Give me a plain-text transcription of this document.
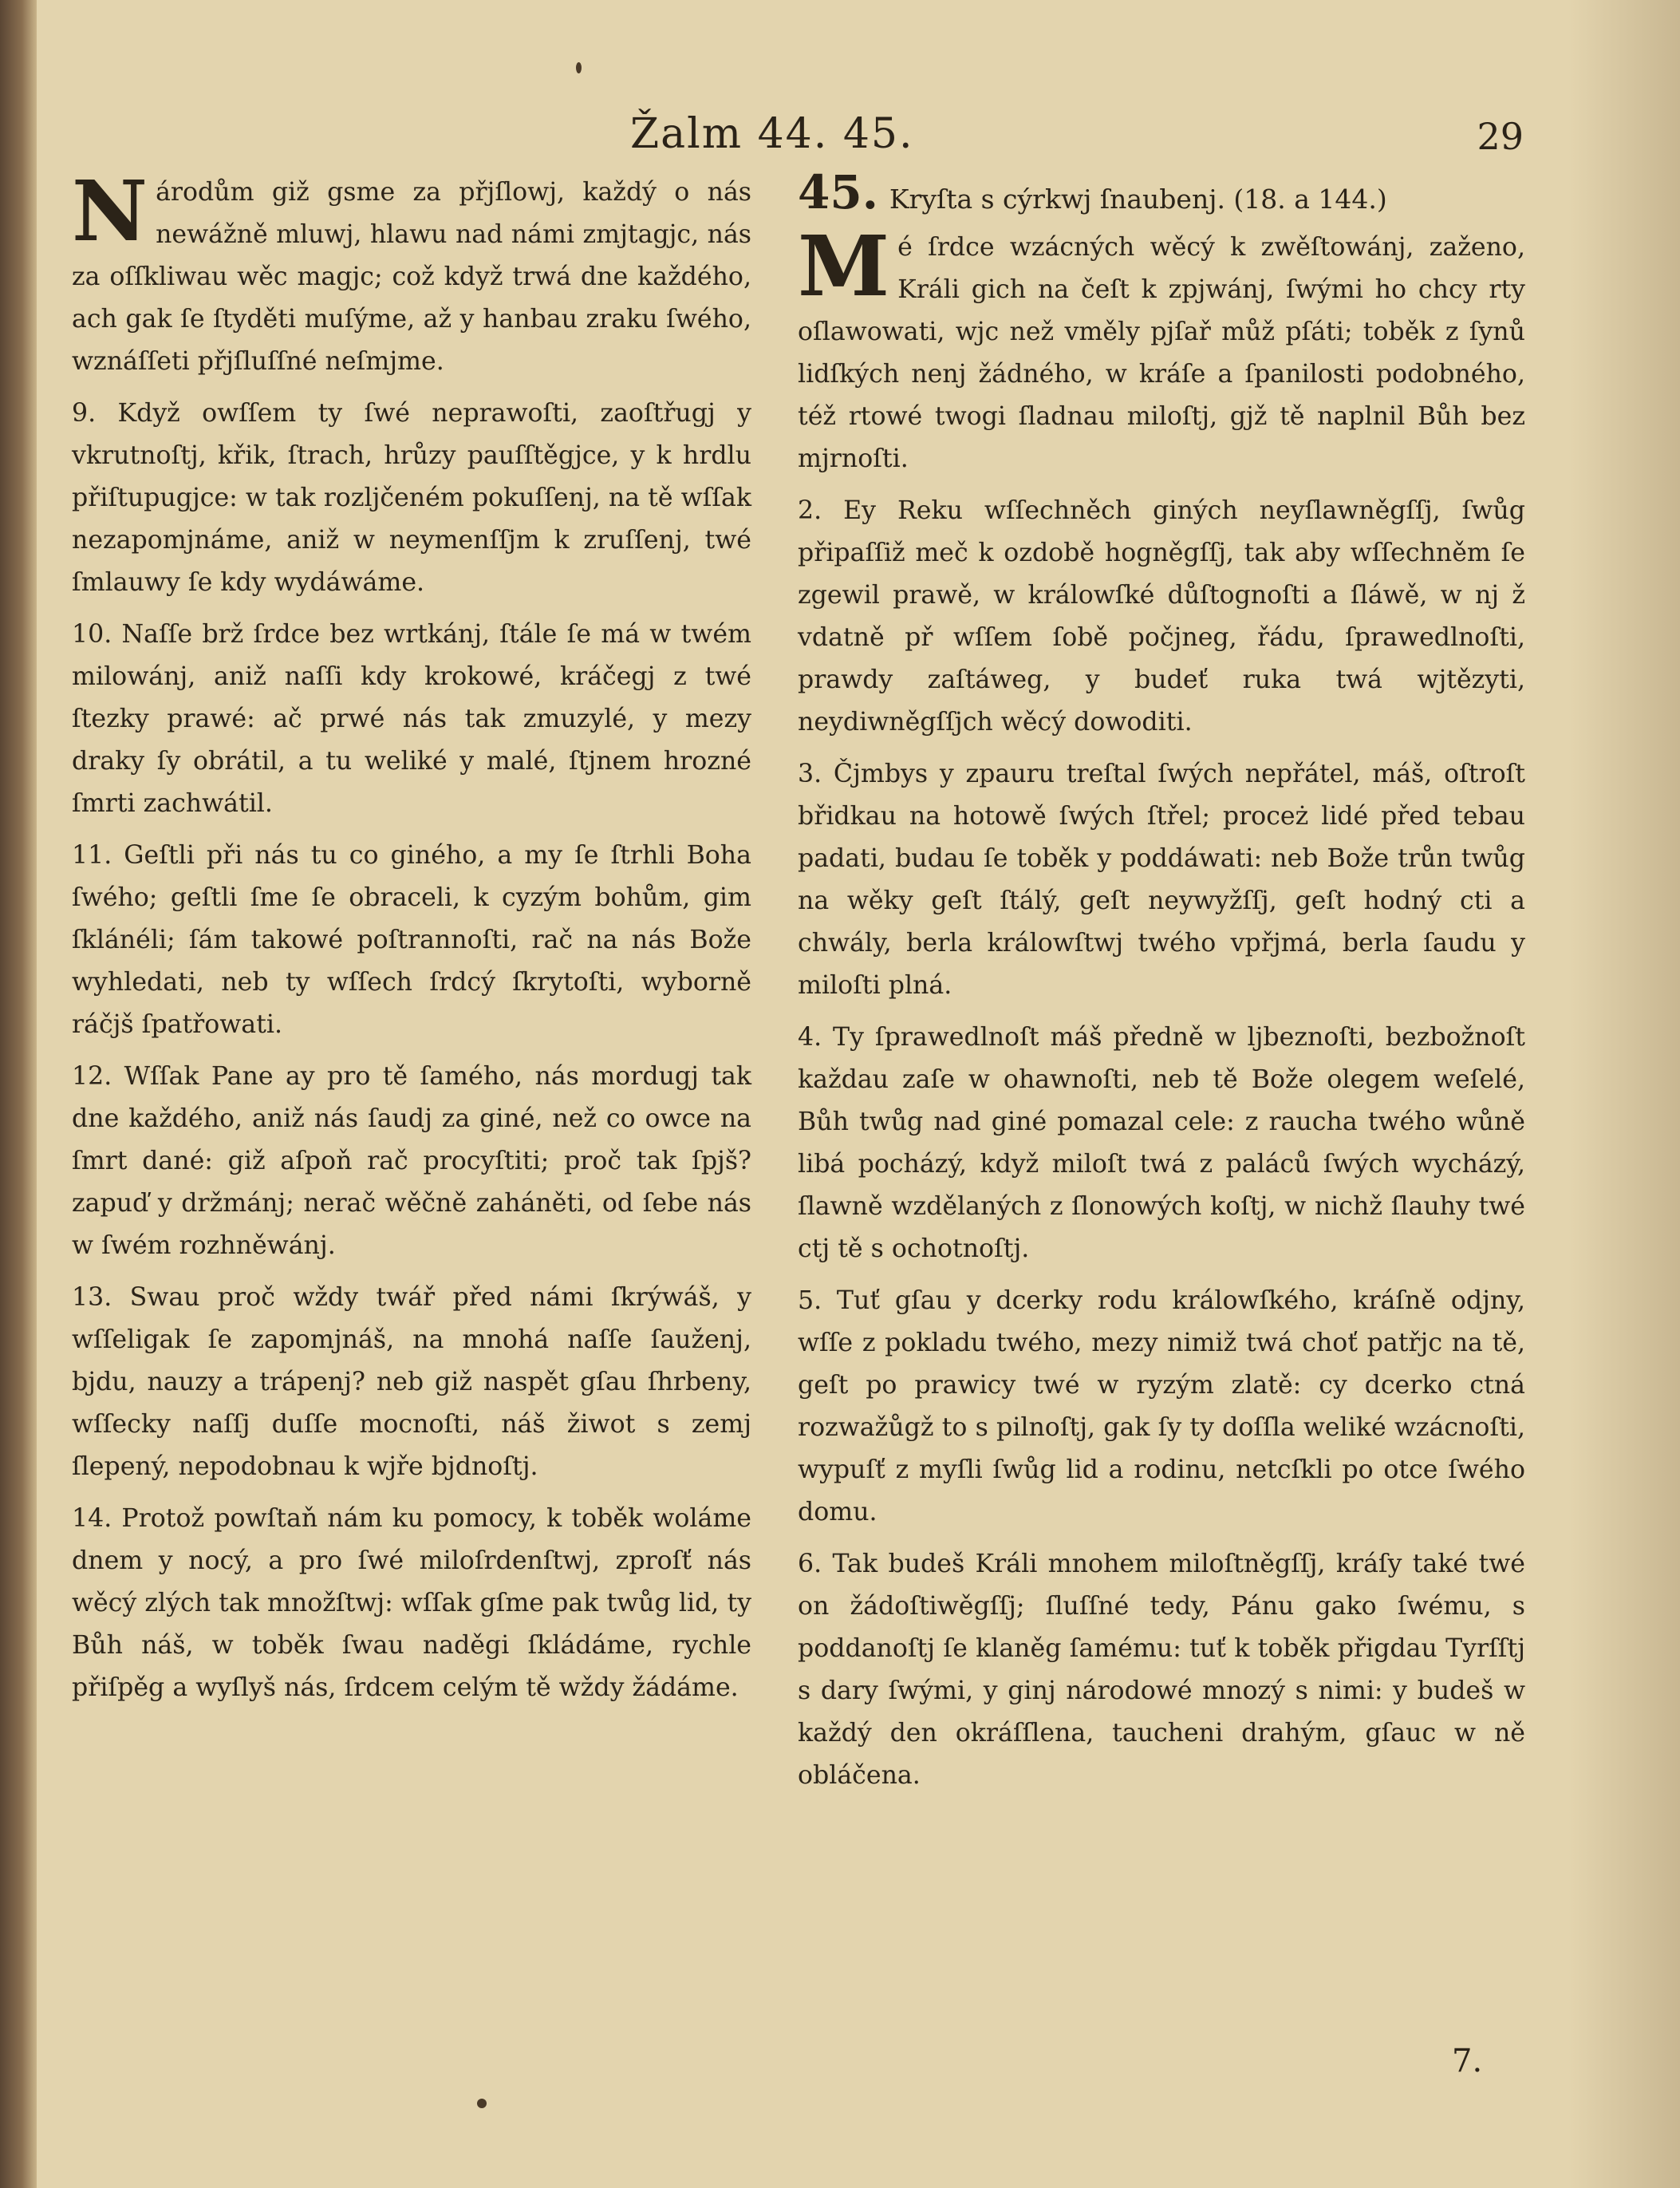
Žalm 44. 45.	29

Národům giž gsme za přjſlowj, každý o nás newážně mluwj, hlawu nad námi zmjtagjc, nás za oſſkliwau wěc magjc; což když trwá dne každého, ach gak ſe ſtyděti muſýme, až y hanbau zraku ſwého, wznáſſeti přjſluſſné neſmjme.

9. Když owſſem ty ſwé neprawoſti, zaoſtřugj y vkrutnoſtj, křik, ſtrach, hrůzy pauſſtěgjce, y k hrdlu přiſtupugjce: w tak rozljčeném pokuſſenj, na tě wſſak nezapomjnáme, aniž w neymenſſjm k zruſſenj, twé ſmlauwy ſe kdy wydáwáme.

10. Naſſe brž ſrdce bez wrtkánj, ſtále ſe má w twém milowánj, aniž naſſi kdy krokowé, kráčegj z twé ſtezky prawé: ač prwé nás tak zmuzylé, y mezy draky ſy obrátil, a tu weliké y malé, ſtjnem hrozné ſmrti zachwátil.

11. Geſtli při nás tu co giného, a my ſe ſtrhli Boha ſwého; geſtli ſme ſe obraceli, k cyzým bohům, gim ſklánéli; ſám takowé poſtrannoſti, rač na nás Bože wyhledati, neb ty wſſech ſrdcý ſkrytoſti, wyborně ráčjš ſpatřowati.

12. Wſſak Pane ay pro tě ſamého, nás mordugj tak dne každého, aniž nás ſaudj za giné, než co owce na ſmrt dané: giž aſpoň rač procyſtiti; proč tak ſpjš? zapuď y držmánj; nerač wěčně zaháněti, od ſebe nás w ſwém rozhněwánj.

13. Swau proč wždy twář před námi ſkrýwáš, y wſſeligak ſe zapomjnáš, na mnohá naſſe ſauženj, bjdu, nauzy a trápenj? neb giž naspět gſau ſhrbeny, wſſecky naſſj duſſe mocnoſti, náš žiwot s zemj ſlepený, nepodobnau k wjře bjdnoſtj.

14. Protož powſtaň nám ku pomocy, k toběk woláme dnem y nocý, a pro ſwé miloſrdenſtwj, zproſť nás wěcý zlých tak množſtwj: wſſak gſme pak twůg lid, ty Bůh náš, w toběk ſwau naděgi ſkládáme, rychle přiſpěg a wyſlyš nás, ſrdcem celým tě wždy žádáme.

45. Kryſta s cýrkwj ſnaubenj. (18. a 144.)

Mé ſrdce wzácných wěcý k zwěſtowánj, zaženo, Králi gich na čeſt k zpjwánj, ſwými ho chcy rty oſlawowati, wjc než vměly pjſař můž pſáti; toběk z ſynů lidſkých nenj žádného, w kráſe a ſpanilosti podobného, též rtowé twogi ſladnau miloſtj, gjž tě naplnil Bůh bez mjrnoſti.

2. Ey Reku wſſechněch giných neyſlawněgſſj, ſwůg připaſſiž meč k ozdobě hogněgſſj, tak aby wſſechněm ſe zgewil prawě, w králowſké důſtognoſti a ſláwě, w nj ž vdatně př wſſem ſobě počjneg, řádu, ſprawedlnoſti, prawdy zaſtáweg, y budeť ruka twá wjtězyti, neydiwněgſſjch wěcý dowoditi.

3. Čjmbys y zpauru treſtal ſwých nepřátel, máš, oſtroſt břidkau na hotowě ſwých ſtřel; proceż lidé před tebau padati, budau ſe toběk y poddáwati: neb Bože trůn twůg na wěky geſt ſtálý, geſt neywyžſſj, geſt hodný cti a chwály, berla králowſtwj twého vpřjmá, berla ſaudu y miloſti plná.

4. Ty ſprawedlnoſt máš předně w ljbeznoſti, bezbožnoſt každau zaſe w ohawnoſti, neb tě Bože olegem weſelé, Bůh twůg nad giné pomazal cele: z raucha twého wůně libá pocházý, když miloſt twá z paláců ſwých wycházý, ſlawně wzdělaných z ſlonowých koſtj, w nichž ſlauhy twé ctj tě s ochotnoſtj.

5. Tuť gſau y dcerky rodu králowſkého, kráſně odjny, wſſe z pokladu twého, mezy nimiž twá choť patřjc na tě, geſt po prawicy twé w ryzým zlatě: cy dcerko ctná rozwažůgž to s pilnoſtj, gak ſy ty doſſla weliké wzácnoſti, wypuſť z myſli ſwůg lid a rodinu, netcſkli po otce ſwého domu.

6. Tak budeš Králi mnohem miloſtněgſſj, kráſy také twé on žádoſtiwěgſſj; ſluſſné tedy, Pánu gako ſwému, s poddanoſtj ſe klaněg ſamému: tuť k toběk přigdau Tyrſſtj s dary ſwými, y ginj národowé mnozý s nimi: y budeš w každý den okráſſlena, taucheni drahým, gſauc w ně obláčena.

7.
